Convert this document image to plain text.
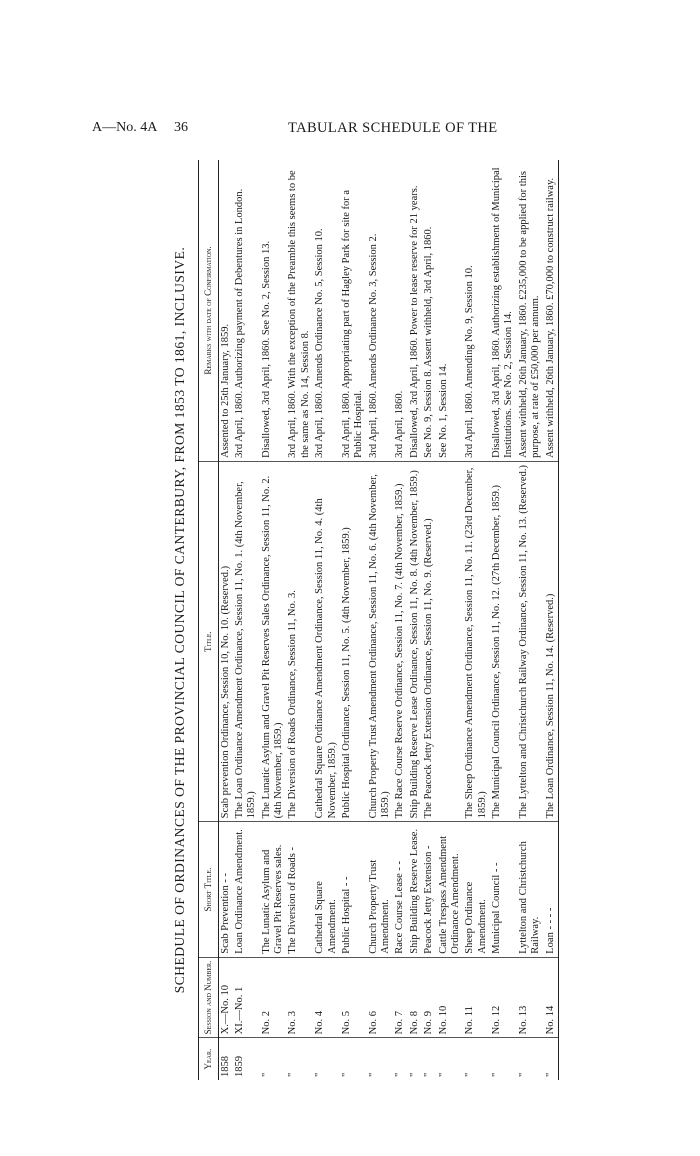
A—No. 4A 36	TABULAR SCHEDULE OF THE
SCHEDULE OF ORDINANCES OF THE PROVINCIAL COUNCIL OF CANTERBURY, FROM 1853 TO 1861, INCLUSIVE.
Year.	Session and Number.	Short Title.	Title.	Remarks with date of Confirmation.
1858	X.—No. 10	Scab Prevention - -	Scab prevention Ordinance, Session 10, No. 10. (Reserved.)	Assented to 25th January, 1859.
1859	XI.—No. 1	Loan Ordinance Amendment.	The Loan Ordinance Amendment Ordinance, Session 11, No. 1. (4th November, 1859.)	3rd April, 1860. Authorizing payment of Debentures in London.
"	No. 2	The Lunatic Asylum and Gravel Pit Reserves sales.	The Lunatic Asylum and Gravel Pit Reserves Sales Ordinance, Session 11, No. 2. (4th November, 1859.)	Disallowed, 3rd April, 1860. See No. 2, Session 13.
"	No. 3	The Diversion of Roads -	The Diversion of Roads Ordinance, Session 11, No. 3.	3rd April, 1860. With the exception of the Preamble this seems to be the same as No. 14, Session 8.
"	No. 4	Cathedral Square Amendment.	Cathedral Square Ordinance Amendment Ordinance, Session 11, No. 4. (4th November, 1859.)	3rd April, 1860. Amends Ordinance No. 5, Session 10.
"	No. 5	Public Hospital - -	Public Hospital Ordinance, Session 11, No. 5. (4th November, 1859.)	3rd April, 1860. Appropriating part of Hagley Park for site for a Public Hospital.
"	No. 6	Church Property Trust Amendment.	Church Property Trust Amendment Ordinance, Session 11, No. 6. (4th November, 1859.)	3rd April, 1860. Amends Ordinance No. 3, Session 2.
"	No. 7	Race Course Lease - -	The Race Course Reserve Ordinance, Session 11, No. 7. (4th November, 1859.)	3rd April, 1860.
"	No. 8	Ship Building Reserve Lease.	Ship Building Reserve Lease Ordinance, Session 11, No. 8. (4th November, 1859.)	Disallowed, 3rd April, 1860. Power to lease reserve for 21 years.
"	No. 9	Peacock Jetty Extension -	The Peacock Jetty Extension Ordinance, Session 11, No. 9. (Reserved.)	See No. 9, Session 8. Assent withheld, 3rd April, 1860.
"	No. 10	Cattle Trespass Amendment Ordinance Amendment.		See No. 1, Session 14.
"	No. 11	Sheep Ordinance Amendment.	The Sheep Ordinance Amendment Ordinance, Session 11, No. 11. (23rd December, 1859.)	3rd April, 1860. Amending No. 9, Session 10.
"	No. 12	Municipal Council - -	The Municipal Council Ordinance, Session 11, No. 12. (27th December, 1859.)	Disallowed, 3rd April, 1860. Authorizing establishment of Municipal Institutions. See No. 2, Session 14.
"	No. 13	Lyttelton and Christchurch Railway.	The Lyttelton and Christchurch Railway Ordinance, Session 11, No. 13. (Reserved.)	Assent withheld, 26th January, 1860. £235,000 to be applied for this purpose, at rate of £50,000 per annum.
"	No. 14	Loan - - - -	The Loan Ordinance, Session 11, No. 14. (Reserved.)	Assent withheld, 26th January, 1860. £70,000 to construct railway.
